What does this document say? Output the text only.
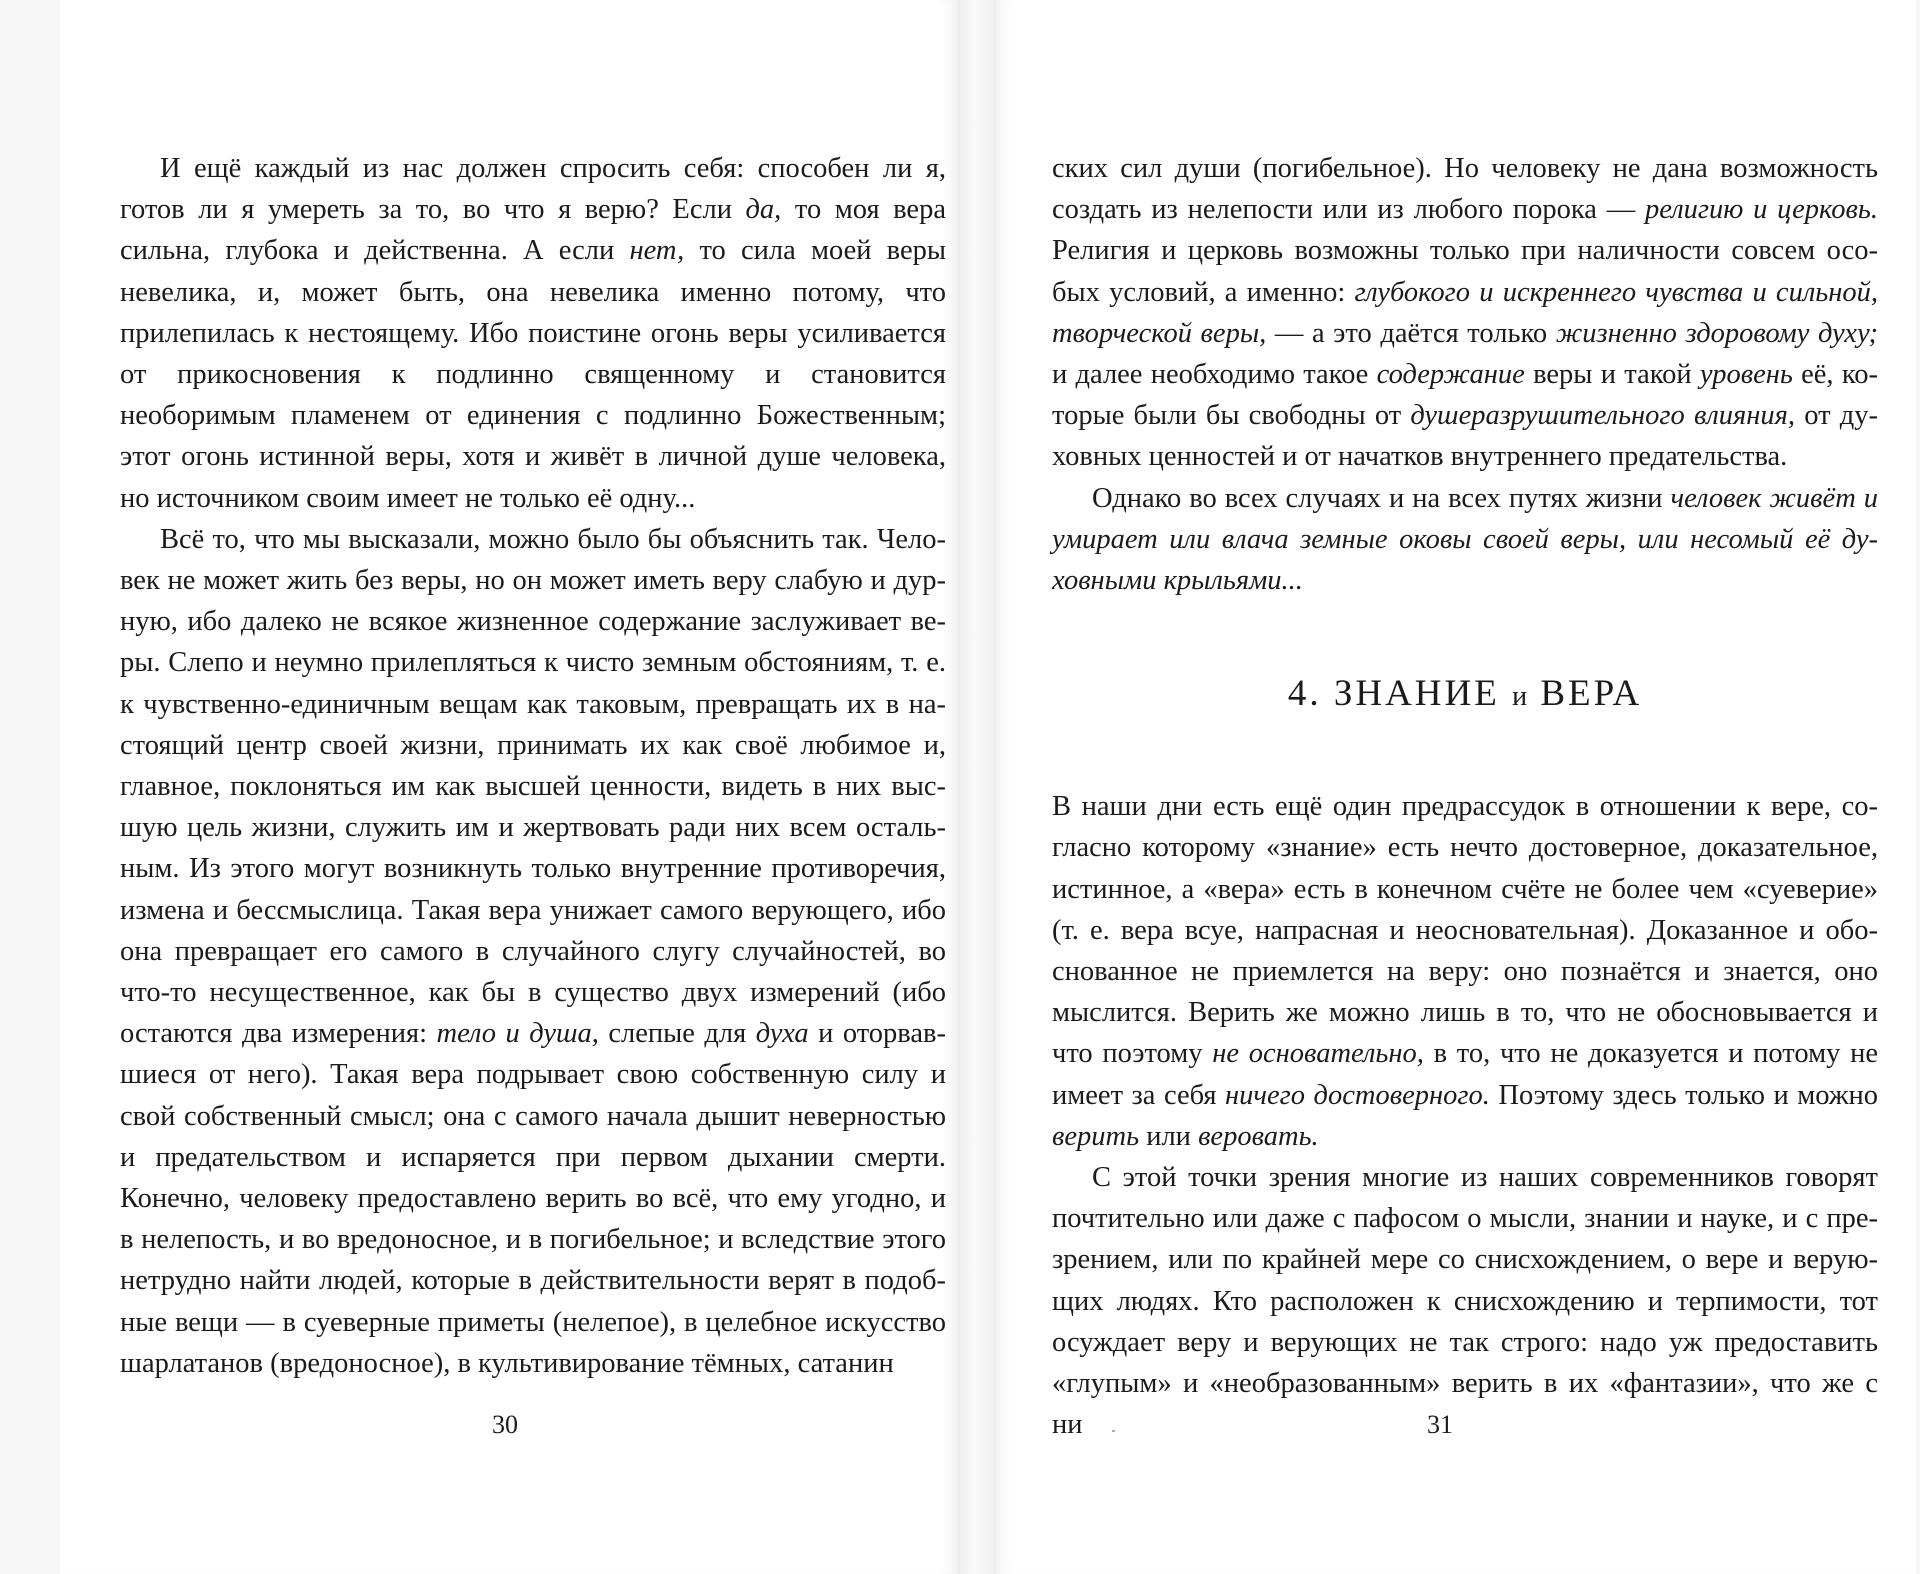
И ещё каждый из нас должен спросить себя: способен ли я, готов ли я умереть за то, во что я верю? Если да, то моя вера сильна, глубока и действенна. А если нет, то сила моей веры невелика, и, может быть, она невелика именно потому, что прилепилась к нестоящему. Ибо поистине огонь веры усиливается от прикосновения к подлинно священному и становится необоримым пламенем от единения с подлинно Божественным; этот огонь истинной веры, хотя и живёт в личной душе человека, но источником своим имеет не только её одну...

Всё то, что мы высказали, можно было бы объяснить так. Человек не может жить без веры, но он может иметь веру слабую и дурную, ибо далеко не всякое жизненное содержание заслуживает веры. Слепо и неумно прилепляться к чисто земным обстояниям, т. е. к чувственно-единичным вещам как таковым, превращать их в настоящий центр своей жизни, принимать их как своё любимое и, главное, поклоняться им как высшей ценности, видеть в них высшую цель жизни, служить им и жертвовать ради них всем остальным. Из этого могут возникнуть только внутренние противоречия, измена и бессмыслица. Такая вера унижает самого верующего, ибо она превращает его самого в случайного слугу случайностей, во что-то несущественное, как бы в существо двух измерений (ибо остаются два измерения: тело и душа, слепые для духа и оторвавшиеся от него). Такая вера подрывает свою собственную силу и свой собственный смысл; она с самого начала дышит неверностью и предательством и испаряется при первом дыхании смерти. Конечно, человеку предоставлено верить во всё, что ему угодно, и в нелепость, и во вредоносное, и в погибельное; и вследствие этого нетрудно найти людей, которые в действительности верят в подобные вещи — в суеверные приметы (нелепое), в целебное искусство шарлатанов (вредоносное), в культивирование тёмных, сатанин

30

ских сил души (погибельное). Но человеку не дана возможность создать из нелепости или из любого порока — религию и церковь. Религия и церковь возможны только при наличности совсем особых условий, а именно: глубокого и искреннего чувства и сильной, творческой веры, — а это даётся только жизненно здоровому духу; и далее необходимо такое содержание веры и такой уровень её, которые были бы свободны от душеразрушительного влияния, от духовных ценностей и от начатков внутреннего предательства.

Однако во всех случаях и на всех путях жизни человек живёт и умирает или влача земные оковы своей веры, или несомый её духовными крыльями...

4. ЗНАНИЕ и ВЕРА

В наши дни есть ещё один предрассудок в отношении к вере, согласно которому «знание» есть нечто достоверное, доказательное, истинное, а «вера» есть в конечном счёте не более чем «суеверие» (т. е. вера всуе, напрасная и неосновательная). Доказанное и обоснованное не приемлется на веру: оно познаётся и знается, оно мыслится. Верить же можно лишь в то, что не обосновывается и что поэтому не основательно, в то, что не доказуется и потому не имеет за себя ничего достоверного. Поэтому здесь только и можно верить или веровать.

С этой точки зрения многие из наших современников говорят почтительно или даже с пафосом о мысли, знании и науке, и с презрением, или по крайней мере со снисхождением, о вере и верующих людях. Кто расположен к снисхождению и терпимости, тот осуждает веру и верующих не так строго: надо уж предоставить «глупым» и «необразованным» верить в их «фантазии», что же с ни	31
